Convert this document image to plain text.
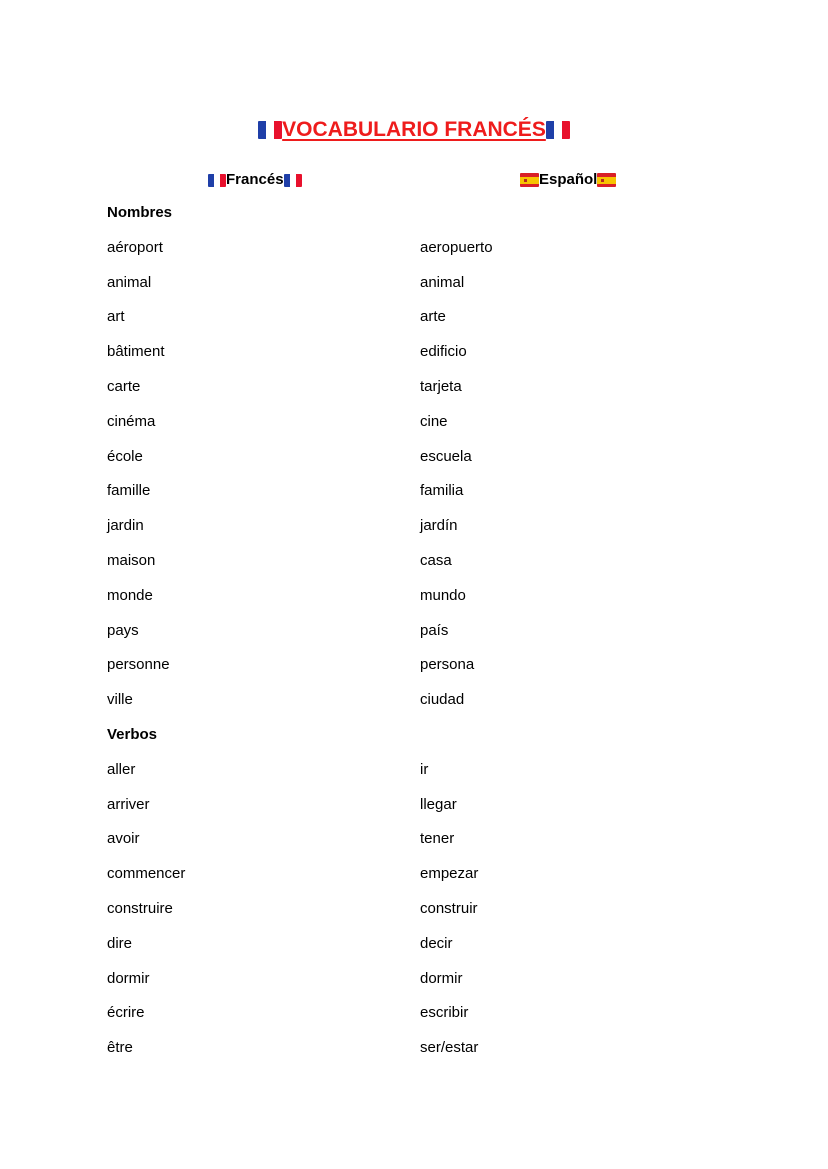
VOCABULARIO FRANCÉS
Francés	Español
Nombres
aéroport	aeropuerto
animal	animal
art	arte
bâtiment	edificio
carte	tarjeta
cinéma	cine
école	escuela
famille	familia
jardin	jardín
maison	casa
monde	mundo
pays	país
personne	persona
ville	ciudad
Verbos
aller	ir
arriver	llegar
avoir	tener
commencer	empezar
construire	construir
dire	decir
dormir	dormir
écrire	escribir
être	ser/estar
